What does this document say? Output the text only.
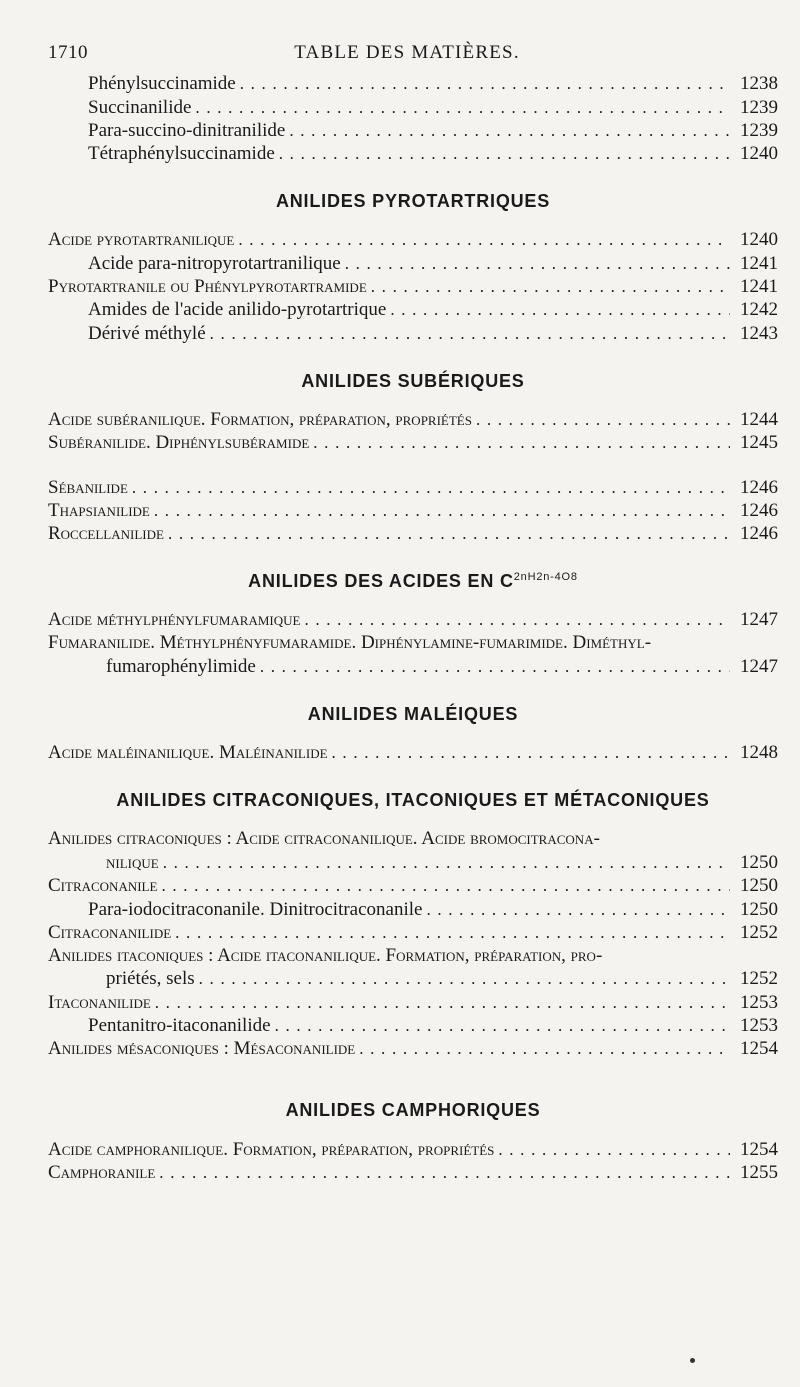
1710	TABLE DES MATIÈRES.
Phénylsuccinamide . . .	1238
Succinanilide . . .	1239
Para-succino-dinitranilide . . .	1239
Tétraphénylsuccinamide . . .	1240
ANILIDES PYROTARTRIQUES
Acide pyrotartranilique . . .	1240
Acide para-nitropyrotartranilique . . .	1241
Pyrotartranile ou Phénylpyrotartramide . . .	1241
Amides de l'acide anilido-pyrotartrique . . .	1242
Dérivé méthylé . . .	1243
ANILIDES SUBÉRIQUES
Acide subéranilique. Formation, préparation, propriétés . . .	1244
Subéranilide. Diphénylsubéramide . . .	1245
Sébanilide . . .	1246
Thapsianilide . . .	1246
Roccellanilide . . .	1246
ANILIDES DES ACIDES EN $C^{2nH2n-4O8}$
Acide méthylphénylfumaramique . . .	1247
Fumaranilide. Méthylphényfumaramide. Diphénylamine-fumarimide. Diméthyl-
fumarophénylimide . . .	1247
ANILIDES MALÉIQUES
Acide maléinanilique. Maléinanilide . . .	1248
ANILIDES CITRACONIQUES, ITACONIQUES ET MÉTACONIQUES
Anilides citraconiques : Acide citraconanilique. Acide bromocitracona-
nilique . . .	1250
Citraconanile . . .	1250
Para-iodocitraconanile. Dinitrocitraconanile . . .	1250
Citraconanilide . . .	1252
Anilides itaconiques : Acide itaconanilique. Formation, préparation, pro-
priétés, sels . . .	1252
Itaconanilide . . .	1253
Pentanitro-itaconanilide . . .	1253
Anilides mésaconiques : Mésaconanilide . . .	1254
ANILIDES CAMPHORIQUES
Acide camphoranilique. Formation, préparation, propriétés . . .	1254
Camphoranile . . .	1255
